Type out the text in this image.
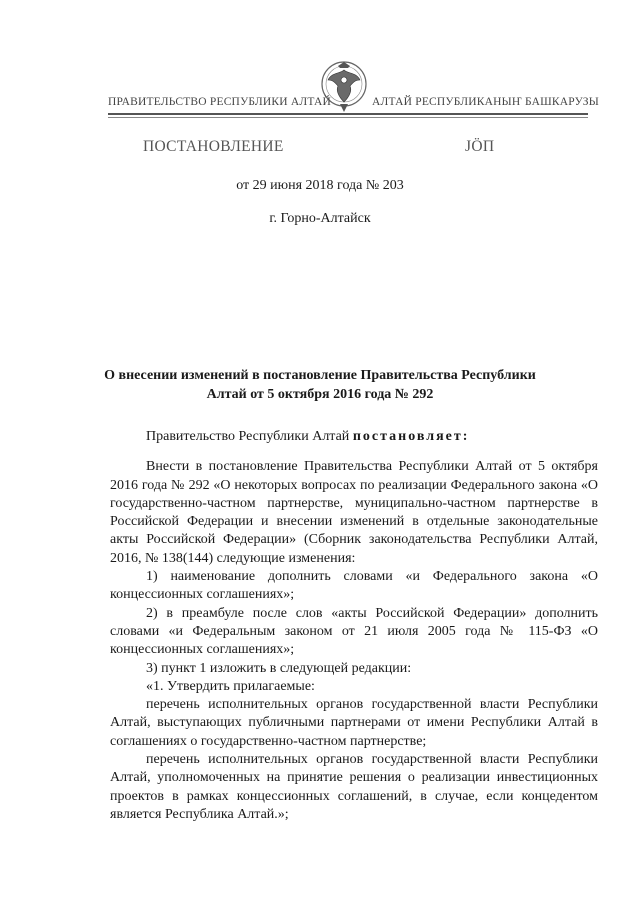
ПРАВИТЕЛЬСТВО РЕСПУБЛИКИ АЛТАЙ	АЛТАЙ РЕСПУБЛИКАНЫҤ БАШКАРУЗЫ
ПОСТАНОВЛЕНИЕ	ЈӦП
от 29 июня 2018 года № 203
г. Горно-Алтайск
О внесении изменений в постановление Правительства Республики Алтай от 5 октября 2016 года № 292

Правительство Республики Алтай постановляет:

Внести в постановление Правительства Республики Алтай от 5 октября 2016 года № 292 «О некоторых вопросах по реализации Федерального закона «О государственно-частном партнерстве, муниципально-частном партнерстве в Российской Федерации и внесении изменений в отдельные законодательные акты Российской Федерации» (Сборник законодательства Республики Алтай, 2016, № 138(144) следующие изменения:

1) наименование дополнить словами «и Федерального закона «О концессионных соглашениях»;

2) в преамбуле после слов «акты Российской Федерации» дополнить словами «и Федеральным законом от 21 июля 2005 года № 115-ФЗ «О концессионных соглашениях»;

3) пункт 1 изложить в следующей редакции:

«1. Утвердить прилагаемые:

перечень исполнительных органов государственной власти Республики Алтай, выступающих публичными партнерами от имени Республики Алтай в соглашениях о государственно-частном партнерстве;

перечень исполнительных органов государственной власти Республики Алтай, уполномоченных на принятие решения о реализации инвестиционных проектов в рамках концессионных соглашений, в случае, если концедентом является Республика Алтай.»;
